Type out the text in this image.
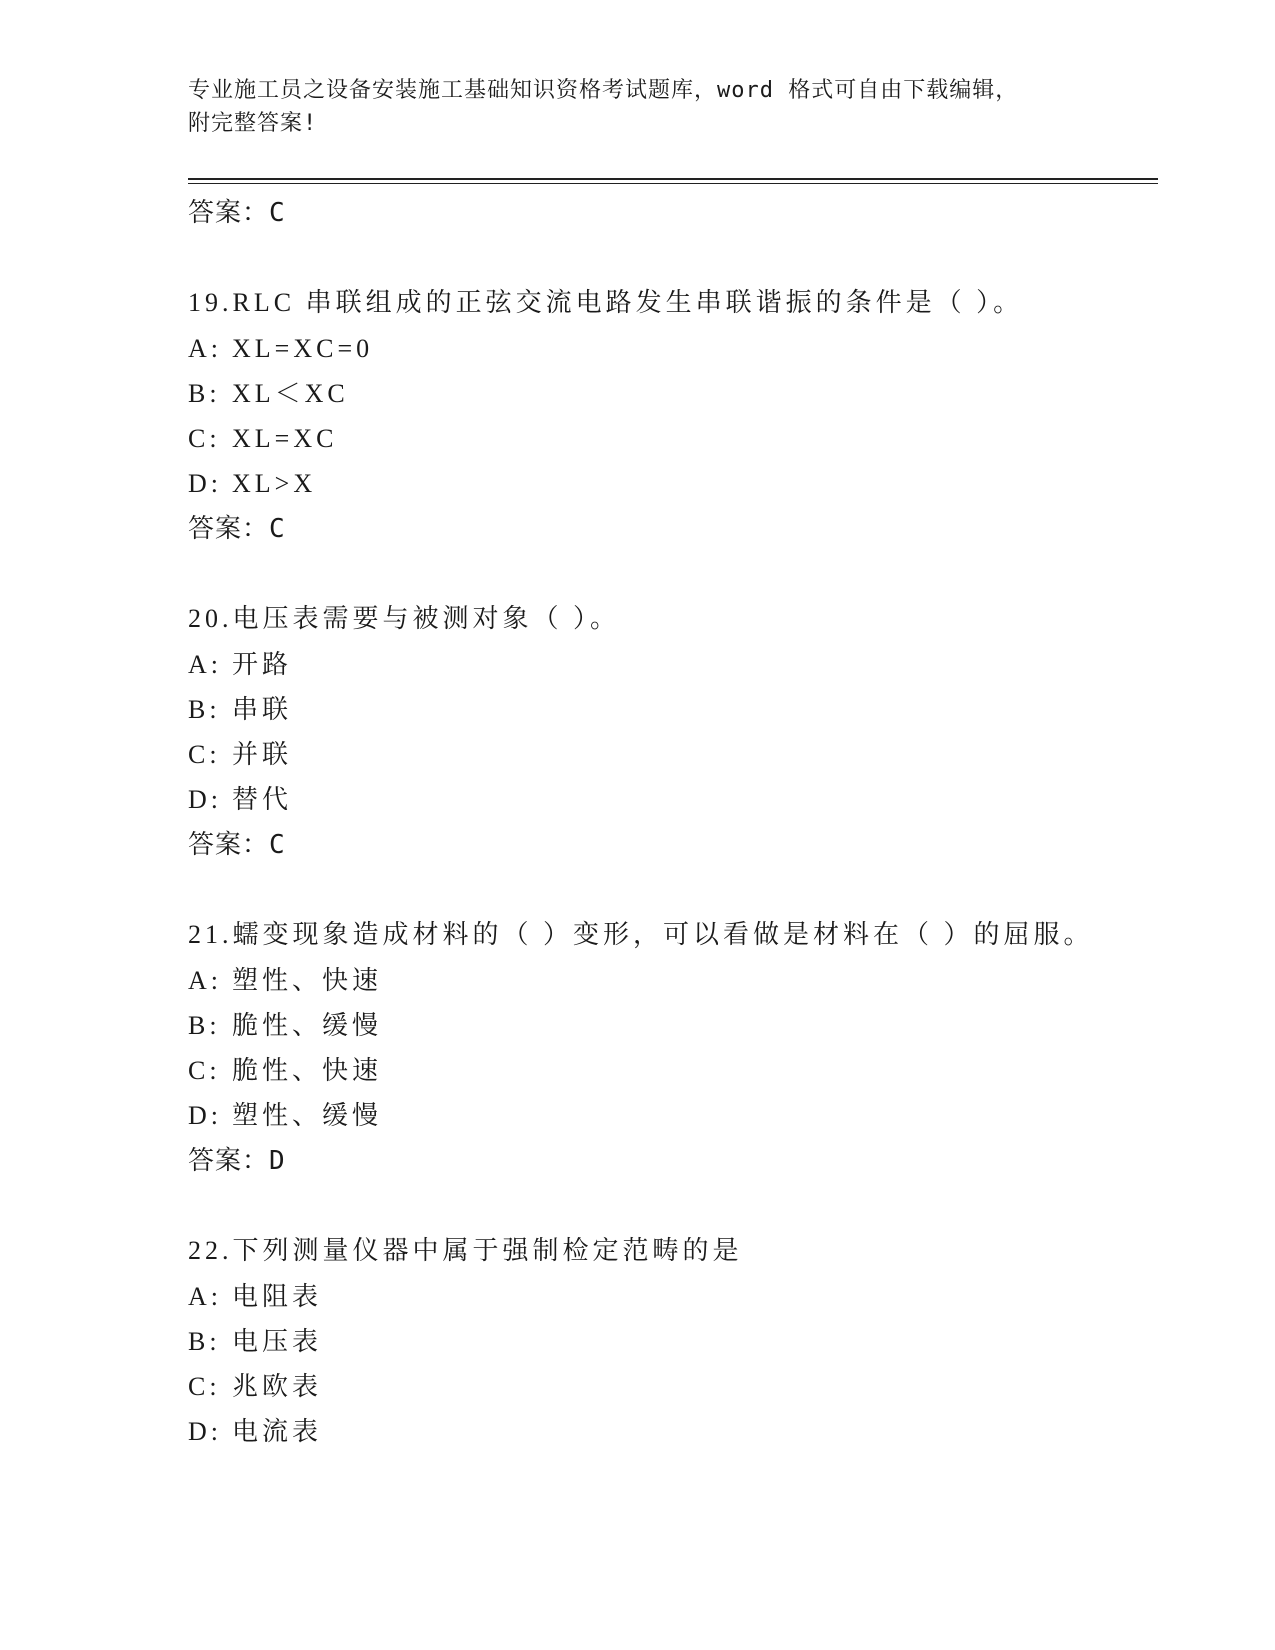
专业施工员之设备安装施工基础知识资格考试题库，word 格式可自由下载编辑，
附完整答案!
答案：C
19.RLC 串联组成的正弦交流电路发生串联谐振的条件是（ ）。
A: XL=XC=0
B: XL＜XC
C: XL=XC
D: XL>X
答案：C
20.电压表需要与被测对象（ ）。
A: 开路
B: 串联
C: 并联
D: 替代
答案：C
21.蠕变现象造成材料的（ ）变形，可以看做是材料在（ ）的屈服。
A: 塑性、快速
B: 脆性、缓慢
C: 脆性、快速
D: 塑性、缓慢
答案：D
22.下列测量仪器中属于强制检定范畴的是
A: 电阻表
B: 电压表
C: 兆欧表
D: 电流表
